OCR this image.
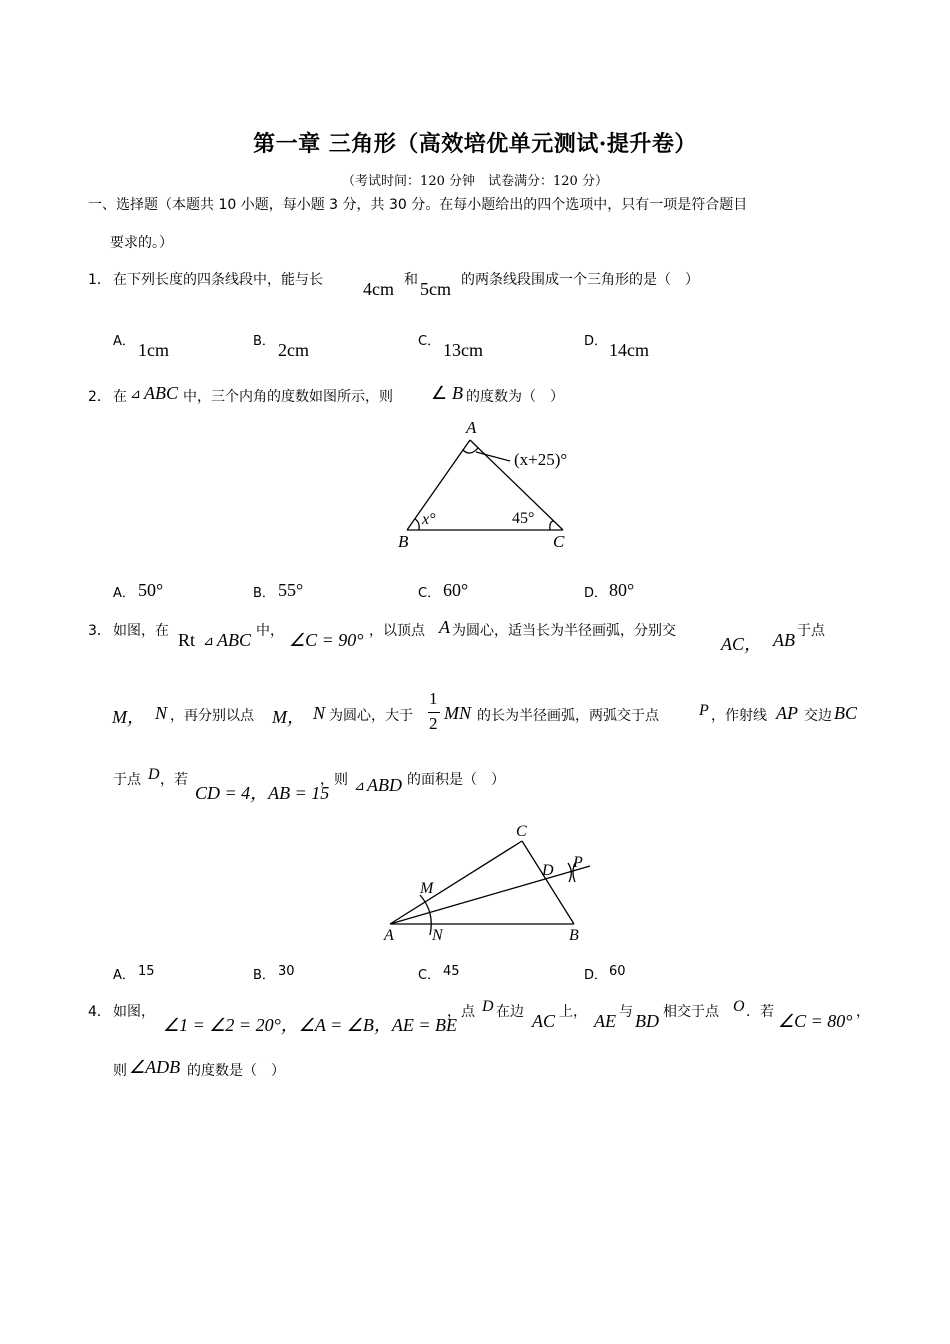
第一章 三角形（高效培优单元测试·提升卷）
（考试时间：120 分钟　试卷满分：120 分）
一、选择题（本题共 10 小题，每小题 3 分，共 30 分。在每小题给出的四个选项中，只有一项是符合题目
要求的。）
1． 在下列长度的四条线段中，能与长 4cm 和 5cm 的两条线段围成一个三角形的是（　）
A． 1cm	B． 2cm	C． 13cm	D． 14cm
2． 在 ⊿ ABC 中，三个内角的度数如图所示，则 ∠ B 的度数为（　）
A
B	C
(x+25)°
x°	45°
A． 50°	B． 55°	C． 60°	D． 80°
3． 如图，在 Rt ⊿ ABC 中， ∠C = 90° ，以顶点 A 为圆心，适当长为半径画弧，分别交
AC， AB 于点
M， N ，再分别以点 M， N 为圆心，大于
1
2
MN 的长为半径画弧，两弧交于点	P ，作射线 AP 交边 BC
于点 D ，若
CD = 4，AB = 15
，则 ⊿ ABD 的面积是（　）
C
D P
M
A N	B
A． 15	B． 30	C． 45	D． 60
4． 如图，
∠1 = ∠2 = 20°，∠A = ∠B，AE = BE
，点 D 在边 AC 上， AE 与 BD 相交于点 O ．若 ∠C = 80° ，
则 ∠ADB 的度数是（　）
